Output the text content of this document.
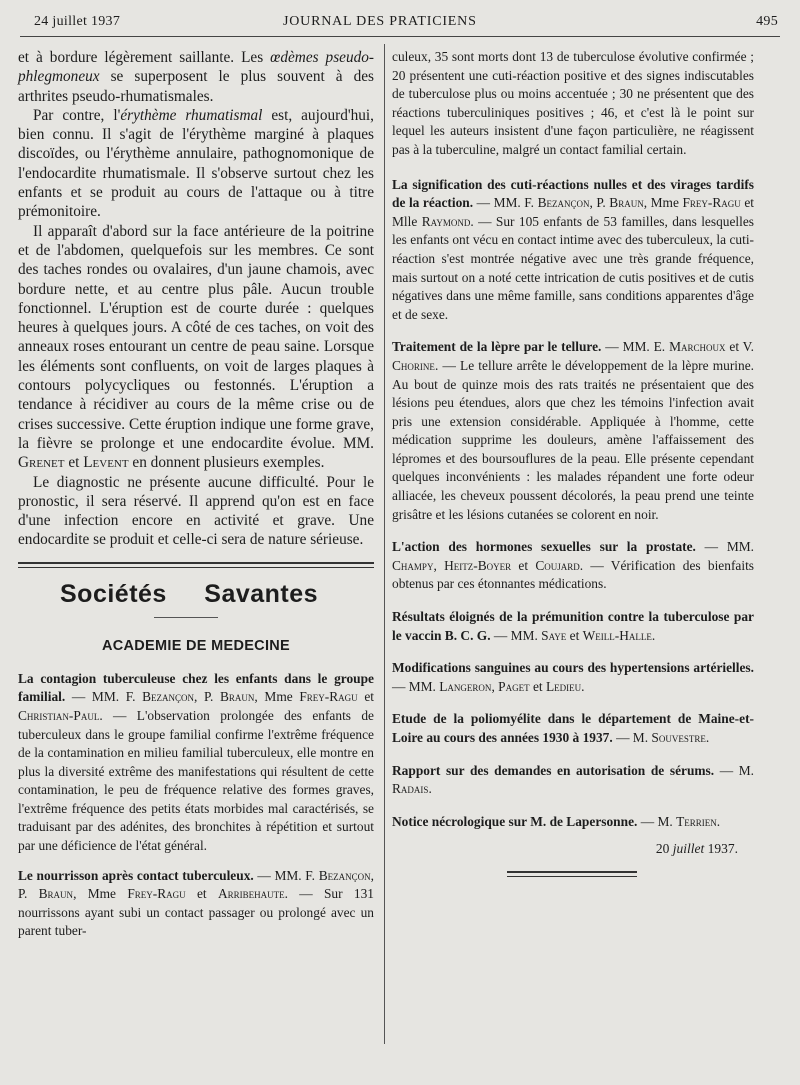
24 juillet 1937	JOURNAL DES PRATICIENS	495

et à bordure légèrement saillante. Les œdèmes pseudo-phlegmoneux se superposent le plus souvent à des arthrites pseudo-rhumatismales.

Par contre, l'érythème rhumatismal est, aujourd'hui, bien connu. Il s'agit de l'érythème marginé à plaques discoïdes, ou l'érythème annulaire, pathognomonique de l'endocardite rhumatismale. Il s'observe surtout chez les enfants et se produit au cours de l'attaque ou à titre prémonitoire.

Il apparaît d'abord sur la face antérieure de la poitrine et de l'abdomen, quelquefois sur les membres. Ce sont des taches rondes ou ovalaires, d'un jaune chamois, avec bordure nette, et au centre plus pâle. Aucun trouble fonctionnel. L'éruption est de courte durée : quelques heures à quelques jours. A côté de ces taches, on voit des anneaux roses entourant un centre de peau saine. Lorsque les éléments sont confluents, on voit de larges plaques à contours polycycliques ou festonnés. L'éruption a tendance à récidiver au cours de la même crise ou de crises successive. Cette éruption indique une forme grave, la fièvre se prolonge et une endocardite évolue. MM. Grenet et Levent en donnent plusieurs exemples.

Le diagnostic ne présente aucune difficulté. Pour le pronostic, il sera réservé. Il apprend qu'on est en face d'une infection encore en activité et grave. Une endocardite se produit et celle-ci sera de nature sérieuse.

Sociétés Savantes
ACADEMIE DE MEDECINE

La contagion tuberculeuse chez les enfants dans le groupe familial. — MM. F. Bezançon, P. Braun, Mme Frey-Ragu et Christian-Paul. — L'observation prolongée des enfants de tuberculeux dans le groupe familial confirme l'extrême fréquence de la contamination en milieu familial tuberculeux, elle montre en plus la diversité extrême des manifestations qui résultent de cette contamination, le peu de fréquence relative des formes graves, l'extrême fréquence des petits états morbides mal caractérisés, se traduisant par des adénites, des bronchites à répétition et surtout par une déficience de l'état général.

Le nourrisson après contact tuberculeux. — MM. F. Bezançon, P. Braun, Mme Frey-Ragu et Arribehaute. — Sur 131 nourrissons ayant subi un contact passager ou prolongé avec un parent tuber-

culeux, 35 sont morts dont 13 de tuberculose évolutive confirmée ; 20 présentent une cuti-réaction positive et des signes indiscutables de tuberculose plus ou moins accentuée ; 30 ne présentent que des réactions tuberculiniques positives ; 46, et c'est là le point sur lequel les auteurs insistent d'une façon particulière, ne réagissent pas à la tuberculine, malgré un contact familial certain.

La signification des cuti-réactions nulles et des virages tardifs de la réaction. — MM. F. Bezançon, P. Braun, Mme Frey-Ragu et Mlle Raymond. — Sur 105 enfants de 53 familles, dans lesquelles les enfants ont vécu en contact intime avec des tuberculeux, la cuti-réaction s'est montrée négative avec une très grande fréquence, mais surtout on a noté cette intrication de cutis positives et de cutis négatives dans une même famille, sans conditions apparentes d'âge et de sexe.

Traitement de la lèpre par le tellure. — MM. E. Marchoux et V. Chorine. — Le tellure arrête le développement de la lèpre murine. Au bout de quinze mois des rats traités ne présentaient que des lésions peu étendues, alors que chez les témoins l'infection avait pris une extension considérable. Appliquée à l'homme, cette médication supprime les douleurs, amène l'affaissement des lépromes et des boursouflures de la peau. Elle présente cependant quelques inconvénients : les malades répandent une forte odeur alliacée, les cheveux poussent décolorés, la peau prend une teinte grisâtre et les lésions cutanées se colorent en noir.

L'action des hormones sexuelles sur la prostate. — MM. Champy, Heitz-Boyer et Coujard. — Vérification des bienfaits obtenus par ces étonnantes médications.

Résultats éloignés de la prémunition contre la tuberculose par le vaccin B. C. G. — MM. Saye et Weill-Halle.

Modifications sanguines au cours des hypertensions artérielles. — MM. Langeron, Paget et Ledieu.

Etude de la poliomyélite dans le département de Maine-et-Loire au cours des années 1930 à 1937. — M. Souvestre.

Rapport sur des demandes en autorisation de sérums. — M. Radais.

Notice nécrologique sur M. de Lapersonne. — M. Terrien.

20 juillet 1937.
